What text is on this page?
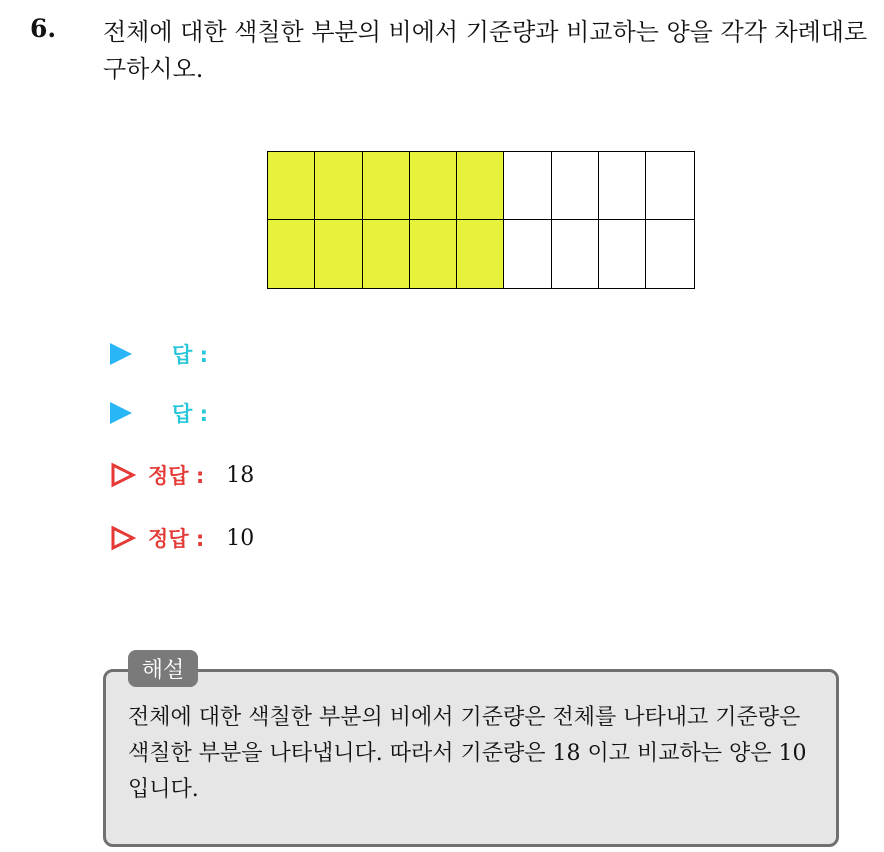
6. 전체에 대한 색칠한 부분의 비에서 기준량과 비교하는 양을 각각 차례대로 구하시오.
답 :
답 :
정답 : 18
정답 : 10
해설
전체에 대한 색칠한 부분의 비에서 기준량은 전체를 나타내고 기준량은 색칠한 부분을 나타냅니다. 따라서 기준량은 18 이고 비교하는 양은 10 입니다.
